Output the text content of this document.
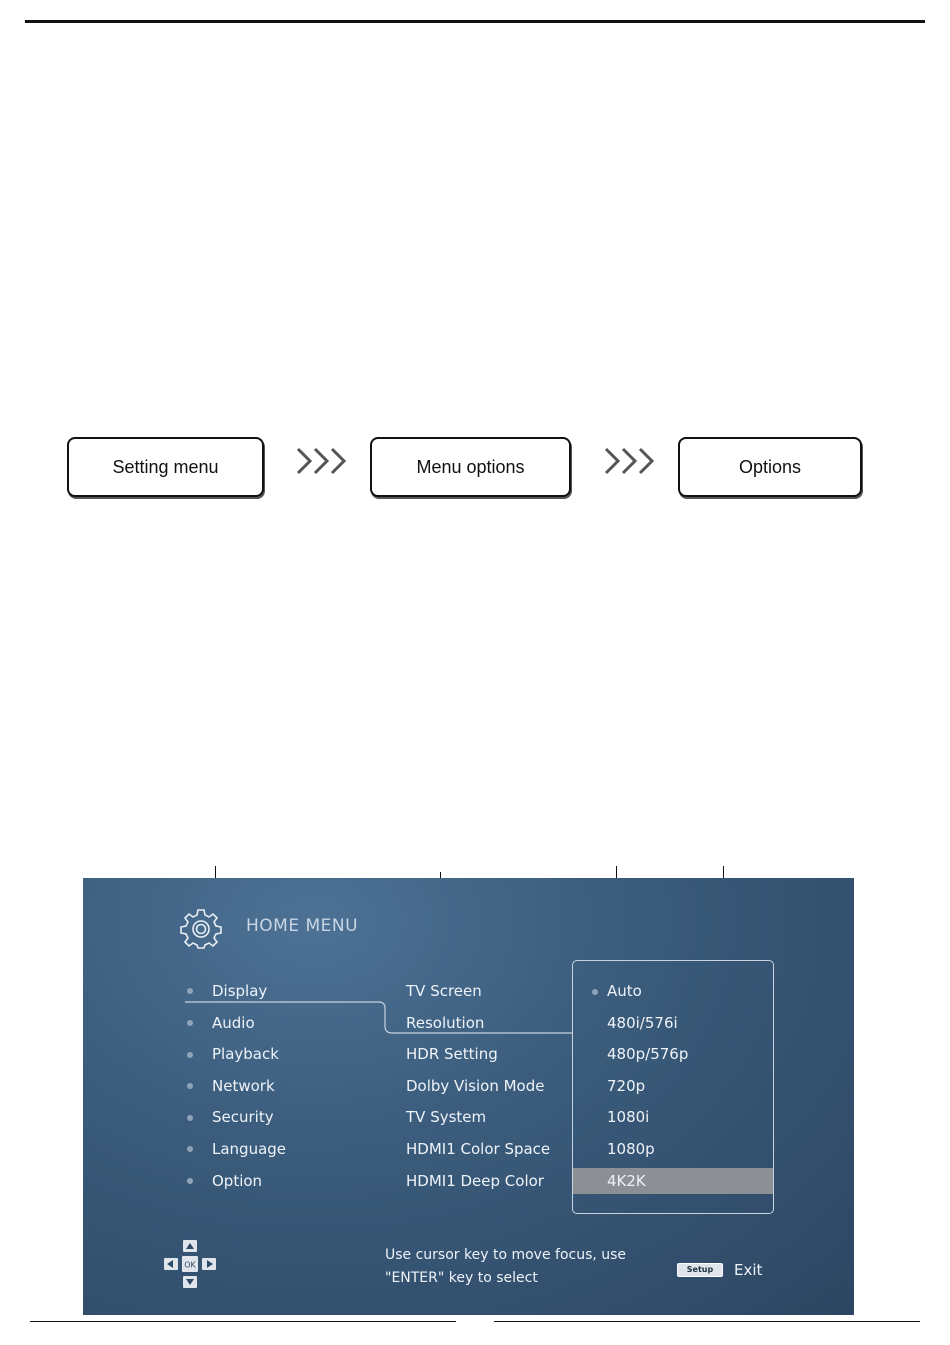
Setting menu	Menu options	Options
HOME MENU
Display
Audio
Playback
Network
Security
Language
Option
TV Screen
Resolution
HDR Setting
Dolby Vision Mode
TV System
HDMI1 Color Space
HDMI1 Deep Color
Auto
480i/576i
480p/576p
720p
1080i
1080p
4K2K
OK
Use cursor key to move focus, use
"ENTER" key to select
Setup	Exit
